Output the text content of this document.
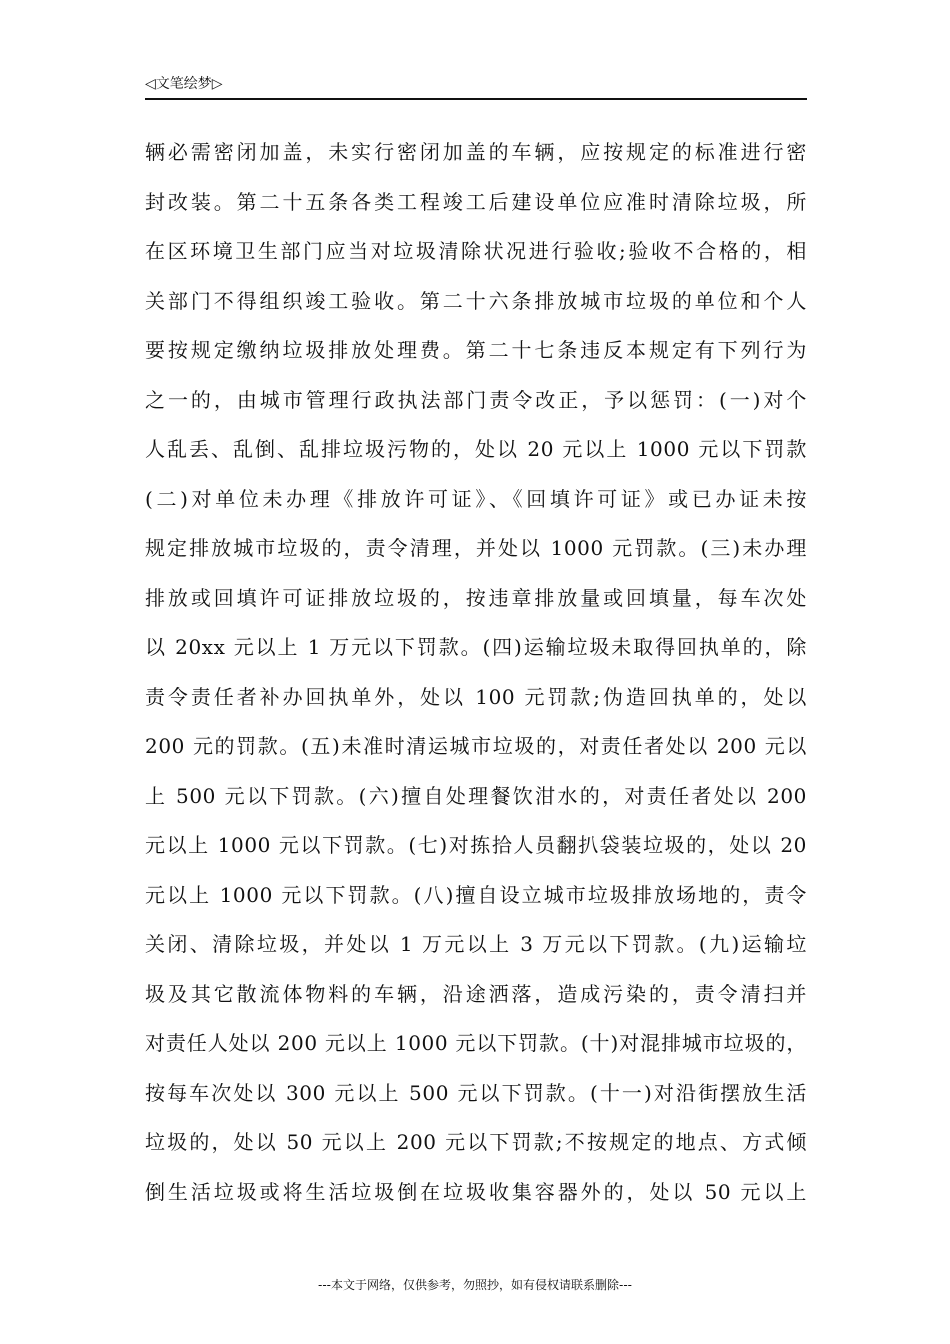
◁文笔绘梦▷
辆必需密闭加盖，未实行密闭加盖的车辆，应按规定的标准进行密
封改装。第二十五条各类工程竣工后建设单位应准时清除垃圾，所
在区环境卫生部门应当对垃圾清除状况进行验收;验收不合格的，相
关部门不得组织竣工验收。第二十六条排放城市垃圾的单位和个人
要按规定缴纳垃圾排放处理费。第二十七条违反本规定有下列行为
之一的，由城市管理行政执法部门责令改正，予以惩罚：(一)对个
人乱丢、乱倒、乱排垃圾污物的，处以 20 元以上 1000 元以下罚款
(二)对单位未办理《排放许可证》、《回填许可证》或已办证未按
规定排放城市垃圾的，责令清理，并处以 1000 元罚款。(三)未办理
排放或回填许可证排放垃圾的，按违章排放量或回填量，每车次处
以 20xx 元以上 1 万元以下罚款。(四)运输垃圾未取得回执单的，除
责令责任者补办回执单外，处以 100 元罚款;伪造回执单的，处以
200 元的罚款。(五)未准时清运城市垃圾的，对责任者处以 200 元以
上 500 元以下罚款。(六)擅自处理餐饮泔水的，对责任者处以 200
元以上 1000 元以下罚款。(七)对拣拾人员翻扒袋装垃圾的，处以 20
元以上 1000 元以下罚款。(八)擅自设立城市垃圾排放场地的，责令
关闭、清除垃圾，并处以 1 万元以上 3 万元以下罚款。(九)运输垃
圾及其它散流体物料的车辆，沿途洒落，造成污染的，责令清扫并
对责任人处以 200 元以上 1000 元以下罚款。(十)对混排城市垃圾的，
按每车次处以 300 元以上 500 元以下罚款。(十一)对沿街摆放生活
垃圾的，处以 50 元以上 200 元以下罚款;不按规定的地点、方式倾
倒生活垃圾或将生活垃圾倒在垃圾收集容器外的，处以 50 元以上
---本文于网络，仅供参考，勿照抄，如有侵权请联系删除---
